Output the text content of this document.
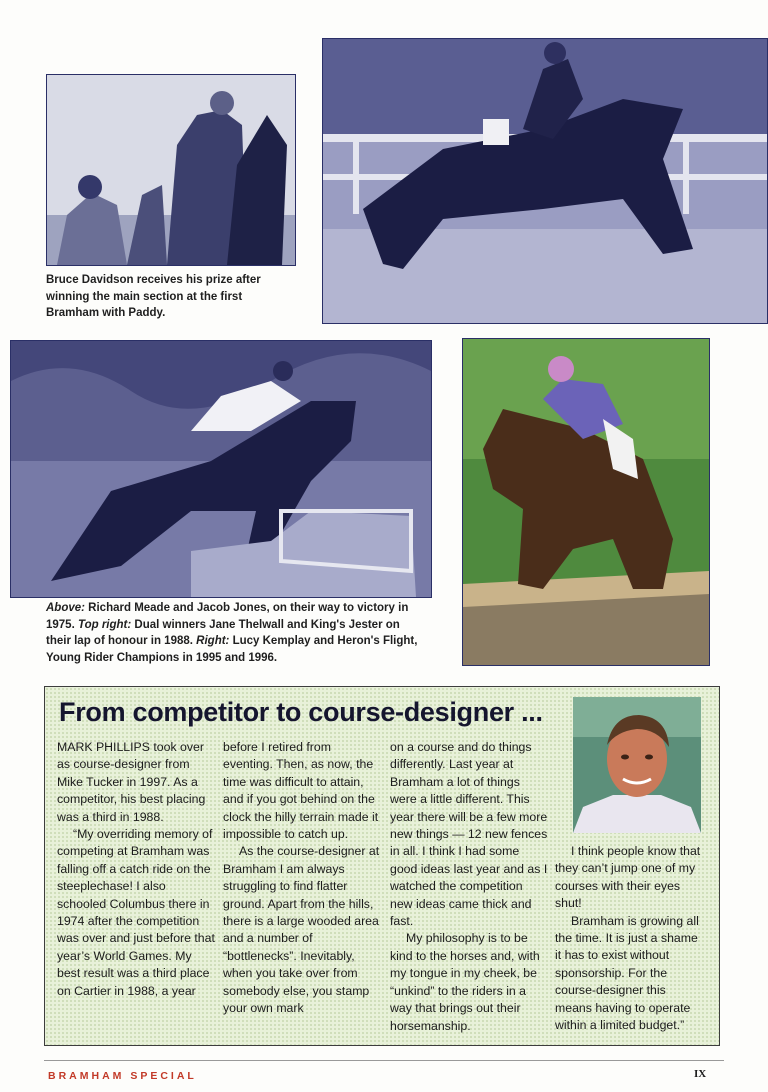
Bruce Davidson receives his prize after winning the main section at the first Bramham with Paddy.
Above: Richard Meade and Jacob Jones, on their way to victory in 1975. Top right: Dual winners Jane Thelwall and King's Jester on their lap of honour in 1988. Right: Lucy Kemplay and Heron's Flight, Young Rider Champions in 1995 and 1996.
From competitor to course-designer ...

MARK PHILLIPS took over as course-designer from Mike Tucker in 1997. As a competitor, his best placing was a third in 1988.

“My overriding memory of competing at Bramham was falling off a catch ride on the steeplechase! I also schooled Columbus there in 1974 after the competition was over and just before that year’s World Games. My best result was a third place on Cartier in 1988, a year

before I retired from eventing. Then, as now, the time was difficult to attain, and if you got behind on the clock the hilly terrain made it impossible to catch up.

As the course-designer at Bramham I am always struggling to find flatter ground. Apart from the hills, there is a large wooded area and a number of “bottlenecks”. Inevitably, when you take over from somebody else, you stamp your own mark

on a course and do things differently. Last year at Bramham a lot of things were a little different. This year there will be a few more new things — 12 new fences in all. I think I had some good ideas last year and as I watched the competition new ideas came thick and fast.

My philosophy is to be kind to the horses and, with my tongue in my cheek, be “unkind” to the riders in a way that brings out their horsemanship.

I think people know that they can’t jump one of my courses with their eyes shut!

Bramham is growing all the time. It is just a shame it has to exist without sponsorship. For the course-designer this means having to operate within a limited budget.”

BRAMHAM SPECIAL	IX
